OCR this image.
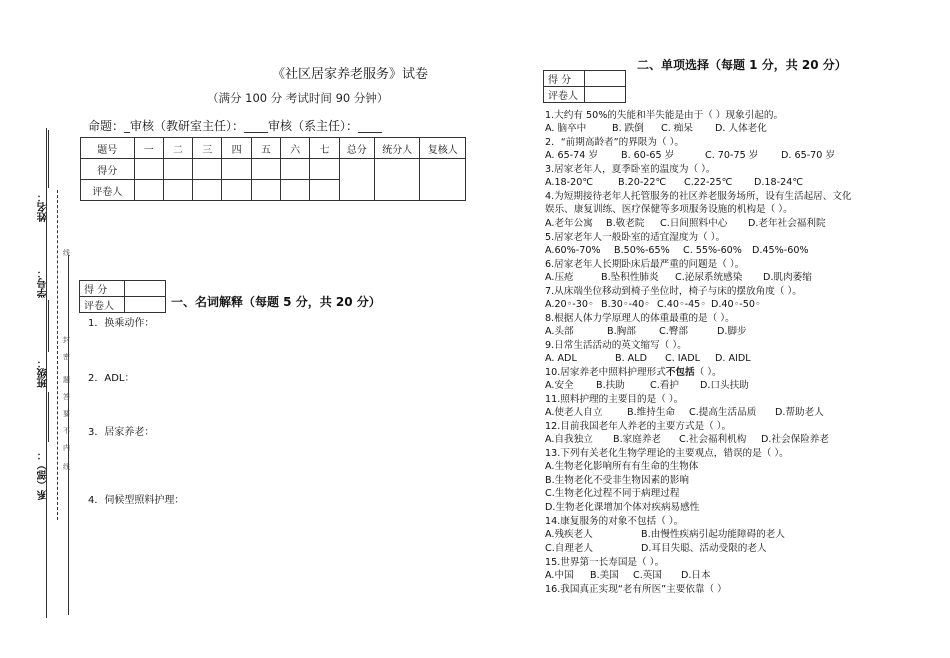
姓名：
学号：
班级：
系（部）：
线
封
密
题
答
要
不
内
线
《社区居家养老服务》试卷
（满分 100 分 考试时间 90 分钟）
命题：_审核（教研室主任）：____审核（系主任）：____
题号	一	二	三	四	五	六	七	总分	统分人	复核人
得分										
评卷人										
得 分	
评卷人		一、名词解释（每题 5 分，共 20 分）
1．换乘动作：
2．ADL：
3．居家养老：
4．伺候型照料护理：
二、单项选择（每题 1 分，共 20 分）
得 分	
评卷人	
1.大约有 50%的失能和半失能是由于（ ）现象引起的。
A. 脑卒中	B. 跌倒 C. 痴呆 D. 人体老化
2．“前期高龄者”的界限为（ ）。
A. 65-74 岁 B. 60-65 岁	C. 70-75 岁 D. 65-70 岁
3.居家老年人，夏季卧室的温度为（ ）。
A.18-20℃	B.20-22℃ C.22-25℃ D.18-24℃
4.为短期接待老年人托管服务的社区养老服务场所，设有生活起居、文化
娱乐、康复训练、医疗保健等多项服务设施的机构是（ ）。
A.老年公寓 B.敬老院 C.日间照料中心 D.老年社会福利院
5.居家老年人一般卧室的适宜湿度为（ ）。
A.60%-70% B.50%-65% C. 55%-60% D.45%-60%
6.居家老年人长期卧床后最严重的问题是（ ）。
A.压疮	B.坠积性肺炎 C.泌尿系统感染 D.肌肉萎缩
7.从床端坐位移动到椅子坐位时，椅子与床的摆放角度（ ）。
A.20◦-30◦ B.30◦-40◦ C.40◦-45◦ D.40◦-50◦
8.根据人体力学原理人的体重最重的是（ ）。
A.头部	B.胸部 C.臀部	D.脚步
9.日常生活活动的英文缩写（ ）。
A. ADL	B. ALD C. IADL D. AIDL
10.居家养老中照料护理形式不包括（ ）。
A.安全 B.扶助	C.看护 D.口头扶助
11.照料护理的主要目的是（ ）。
A.使老人自立	B.维持生命 C.提高生活品质 D.帮助老人
12.目前我国老年人养老的主要方式是（ ）。
A.自我独立 B.家庭养老 C.社会福利机构 D.社会保险养老
13.下列有关老化生物学理论的主要观点，错误的是（ ）。
A.生物老化影响所有有生命的生物体
B.生物老化不受非生物因素的影响
C.生物老化过程不同于病理过程
D.生物老化课增加个体对疾病易感性
14.康复服务的对象不包括（ ）。
A.残疾老人	B.由慢性疾病引起功能障碍的老人
C.自理老人	D.耳目失聪、活动受限的老人
15.世界第一长寿国是（ ）。
A.中国 B.美国 C.英国 D.日本
16.我国真正实现“老有所医”主要依靠（ ）
